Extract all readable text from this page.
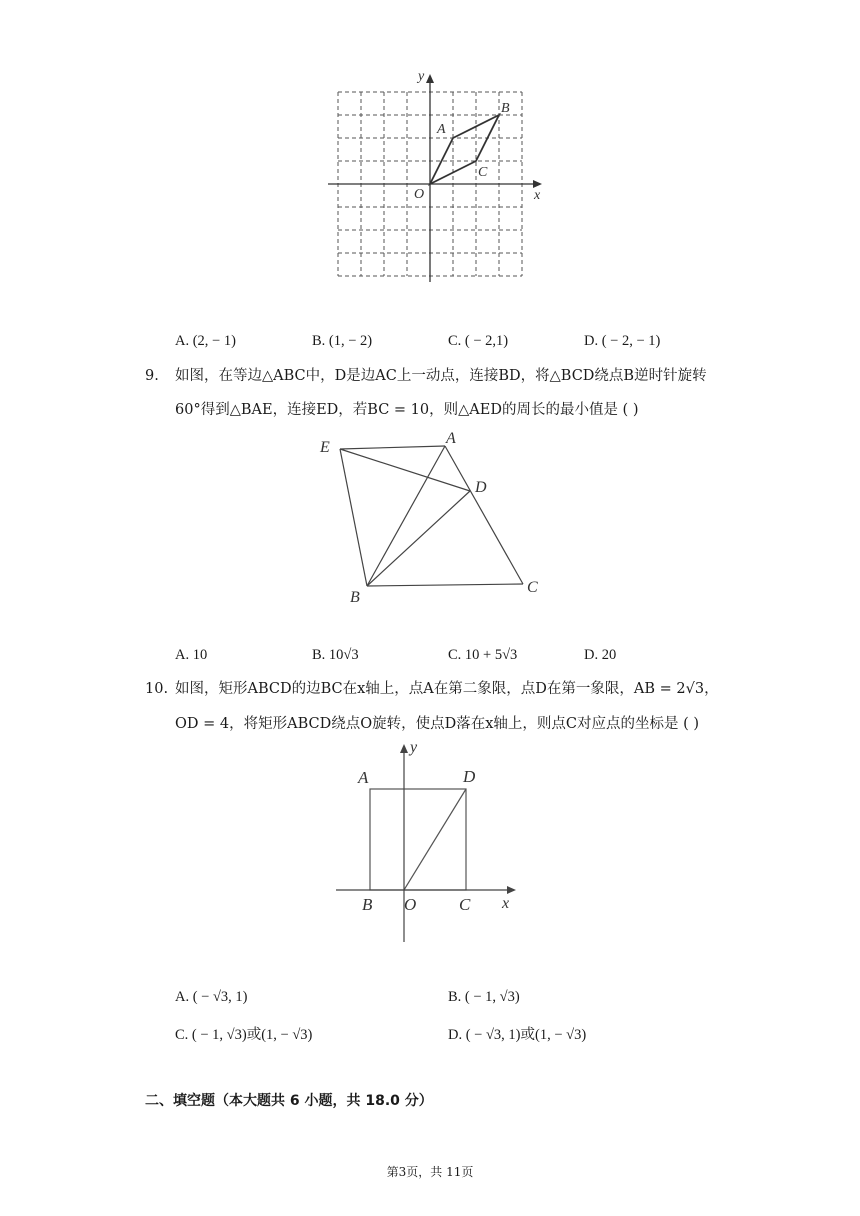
x
y
A
B
C
O
A. (2, − 1)	B. (1, − 2)	C. ( − 2,1)	D. ( − 2, − 1)
9. 如图，在等边△ABC中，D是边AC上一动点，连接BD，将△BCD绕点B逆时针旋转
60°得到△BAE，连接ED，若BC = 10，则△AED的周长的最小值是 ( )
E
A
D
B
C
A. 10	B. 10√3	C. 10 + 5√3	D. 20
10. 如图，矩形ABCD的边BC在x轴上，点A在第二象限，点D在第一象限，AB = 2√3，
OD = 4，将矩形ABCD绕点O旋转，使点D落在x轴上，则点C对应点的坐标是 ( )
A	D
B O	C x
y
A. ( − √3, 1)	B. ( − 1, √3)
C. ( − 1, √3)或(1, − √3)	D. ( − √3, 1)或(1, − √3)
二、填空题（本大题共 6 小题，共 18.0 分）
第3页，共 11页
